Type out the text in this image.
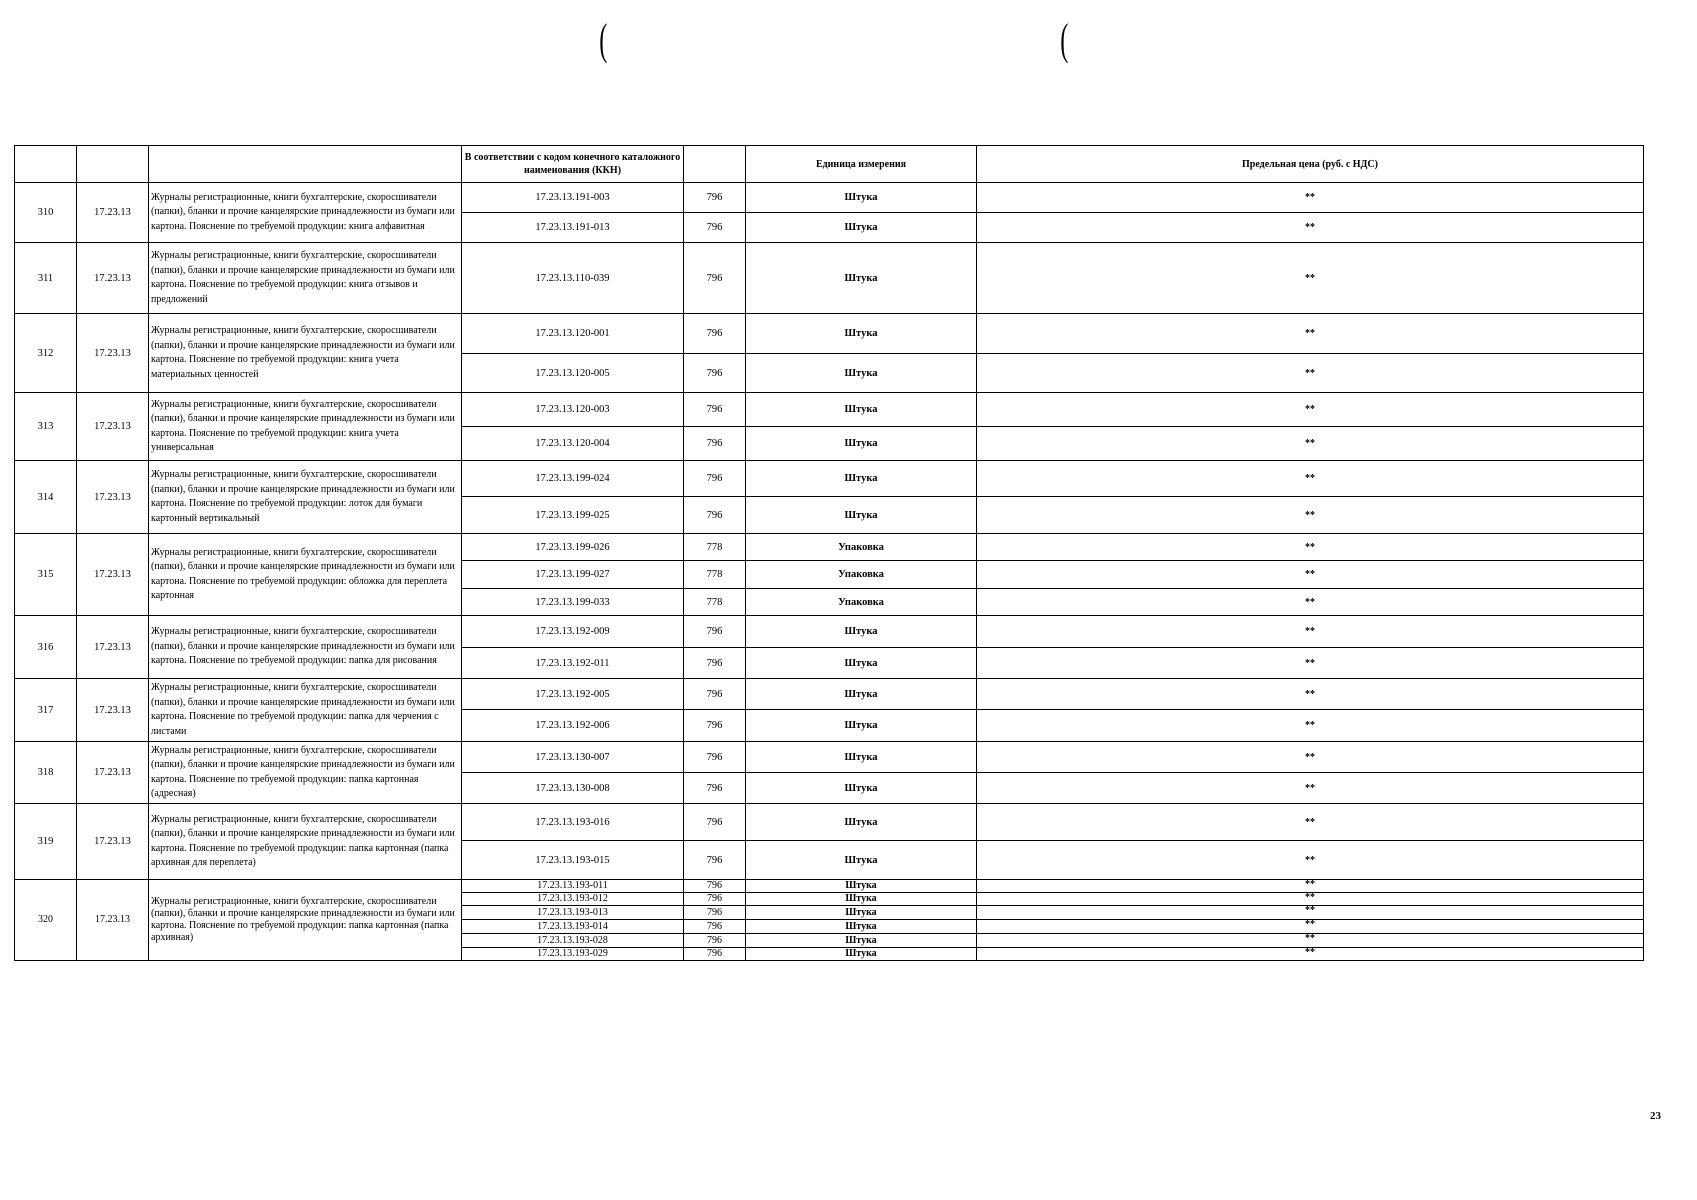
(	(
			В соответствии с кодом конечного каталожного наименования (ККН)		Единица измерения	Предельная цена (руб. с НДС)
310	17.23.13	Журналы регистрационные, книги бухгалтерские, скоросшиватели (папки), бланки и прочие канцелярские принадлежности из бумаги или картона. Пояснение по требуемой продукции: книга алфавитная	17.23.13.191-003	796	Штука	**
			17.23.13.191-013	796	Штука	**
311	17.23.13	Журналы регистрационные, книги бухгалтерские, скоросшиватели (папки), бланки и прочие канцелярские принадлежности из бумаги или картона. Пояснение по требуемой продукции: книга отзывов и предложений	17.23.13.110-039	796	Штука	**
312	17.23.13	Журналы регистрационные, книги бухгалтерские, скоросшиватели (папки), бланки и прочие канцелярские принадлежности из бумаги или картона. Пояснение по требуемой продукции: книга учета материальных ценностей	17.23.13.120-001	796	Штука	**
			17.23.13.120-005	796	Штука	**
313	17.23.13	Журналы регистрационные, книги бухгалтерские, скоросшиватели (папки), бланки и прочие канцелярские принадлежности из бумаги или картона. Пояснение по требуемой продукции: книга учета универсальная	17.23.13.120-003	796	Штука	**
			17.23.13.120-004	796	Штука	**
314	17.23.13	Журналы регистрационные, книги бухгалтерские, скоросшиватели (папки), бланки и прочие канцелярские принадлежности из бумаги или картона. Пояснение по требуемой продукции: лоток для бумаги картонный вертикальный	17.23.13.199-024	796	Штука	**
			17.23.13.199-025	796	Штука	**
315	17.23.13	Журналы регистрационные, книги бухгалтерские, скоросшиватели (папки), бланки и прочие канцелярские принадлежности из бумаги или картона. Пояснение по требуемой продукции: обложка для переплета картонная	17.23.13.199-026	778	Упаковка	**
			17.23.13.199-027	778	Упаковка	**
			17.23.13.199-033	778	Упаковка	**
316	17.23.13	Журналы регистрационные, книги бухгалтерские, скоросшиватели (папки), бланки и прочие канцелярские принадлежности из бумаги или картона. Пояснение по требуемой продукции: папка для рисования	17.23.13.192-009	796	Штука	**
			17.23.13.192-011	796	Штука	**
317	17.23.13	Журналы регистрационные, книги бухгалтерские, скоросшиватели (папки), бланки и прочие канцелярские принадлежности из бумаги или картона. Пояснение по требуемой продукции: папка для черчения с листами	17.23.13.192-005	796	Штука	**
			17.23.13.192-006	796	Штука	**
318	17.23.13	Журналы регистрационные, книги бухгалтерские, скоросшиватели (папки), бланки и прочие канцелярские принадлежности из бумаги или картона. Пояснение по требуемой продукции: папка картонная (адресная)	17.23.13.130-007	796	Штука	**
			17.23.13.130-008	796	Штука	**
319	17.23.13	Журналы регистрационные, книги бухгалтерские, скоросшиватели (папки), бланки и прочие канцелярские принадлежности из бумаги или картона. Пояснение по требуемой продукции: папка картонная (папка архивная для переплета)	17.23.13.193-016	796	Штука	**
			17.23.13.193-015	796	Штука	**
320	17.23.13	Журналы регистрационные, книги бухгалтерские, скоросшиватели (папки), бланки и прочие канцелярские принадлежности из бумаги или картона. Пояснение по требуемой продукции: папка картонная (папка архивная)	17.23.13.193-011	796	Штука	**
			17.23.13.193-012	796	Штука	**
			17.23.13.193-013	796	Штука	**
			17.23.13.193-014	796	Штука	**
			17.23.13.193-028	796	Штука	**
			17.23.13.193-029	796	Штука	**
23
